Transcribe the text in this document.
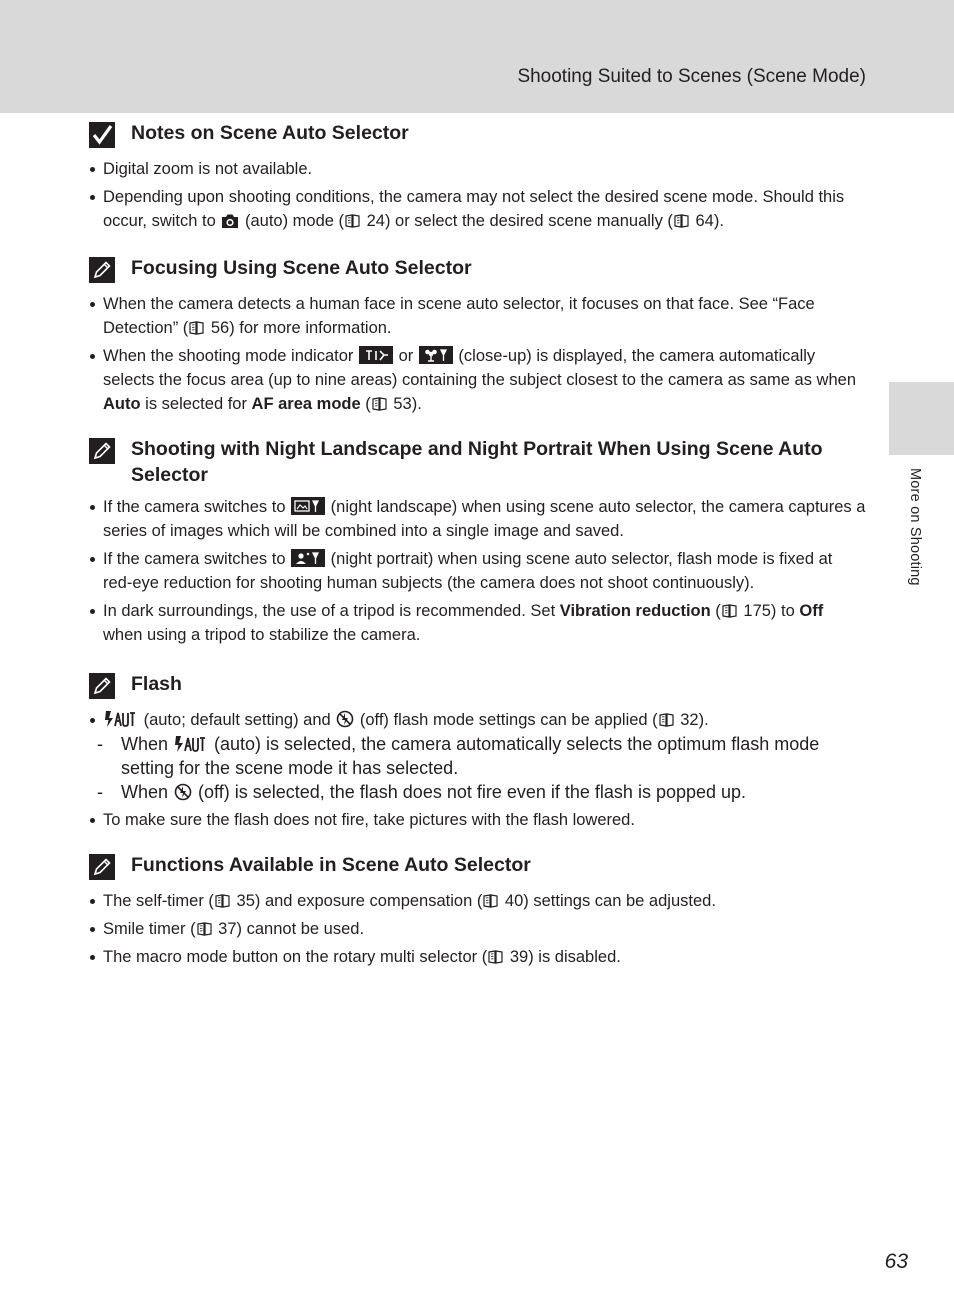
Shooting Suited to Scenes (Scene Mode)
More on Shooting
Notes on Scene Auto Selector
Digital zoom is not available.
Depending upon shooting conditions, the camera may not select the desired scene mode. Should this occur, switch to  (auto) mode ( 24) or select the desired scene manually ( 64).
Focusing Using Scene Auto Selector
When the camera detects a human face in scene auto selector, it focuses on that face. See “Face Detection” ( 56) for more information.
When the shooting mode indicator  or  (close-up) is displayed, the camera automatically selects the focus area (up to nine areas) containing the subject closest to the camera as same as when Auto is selected for AF area mode ( 53).
Shooting with Night Landscape and Night Portrait When Using Scene Auto Selector
If the camera switches to  (night landscape) when using scene auto selector, the camera captures a series of images which will be combined into a single image and saved.
If the camera switches to  (night portrait) when using scene auto selector, flash mode is fixed at red-eye reduction for shooting human subjects (the camera does not shoot continuously).
In dark surroundings, the use of a tripod is recommended. Set Vibration reduction ( 175) to Off when using a tripod to stabilize the camera.
Flash
(auto; default setting) and  (off) flash mode settings can be applied ( 32).
- When  (auto) is selected, the camera automatically selects the optimum flash mode setting for the scene mode it has selected.
- When  (off) is selected, the flash does not fire even if the flash is popped up.
To make sure the flash does not fire, take pictures with the flash lowered.
Functions Available in Scene Auto Selector
The self-timer ( 35) and exposure compensation ( 40) settings can be adjusted.
Smile timer ( 37) cannot be used.
The macro mode button on the rotary multi selector ( 39) is disabled.
63
